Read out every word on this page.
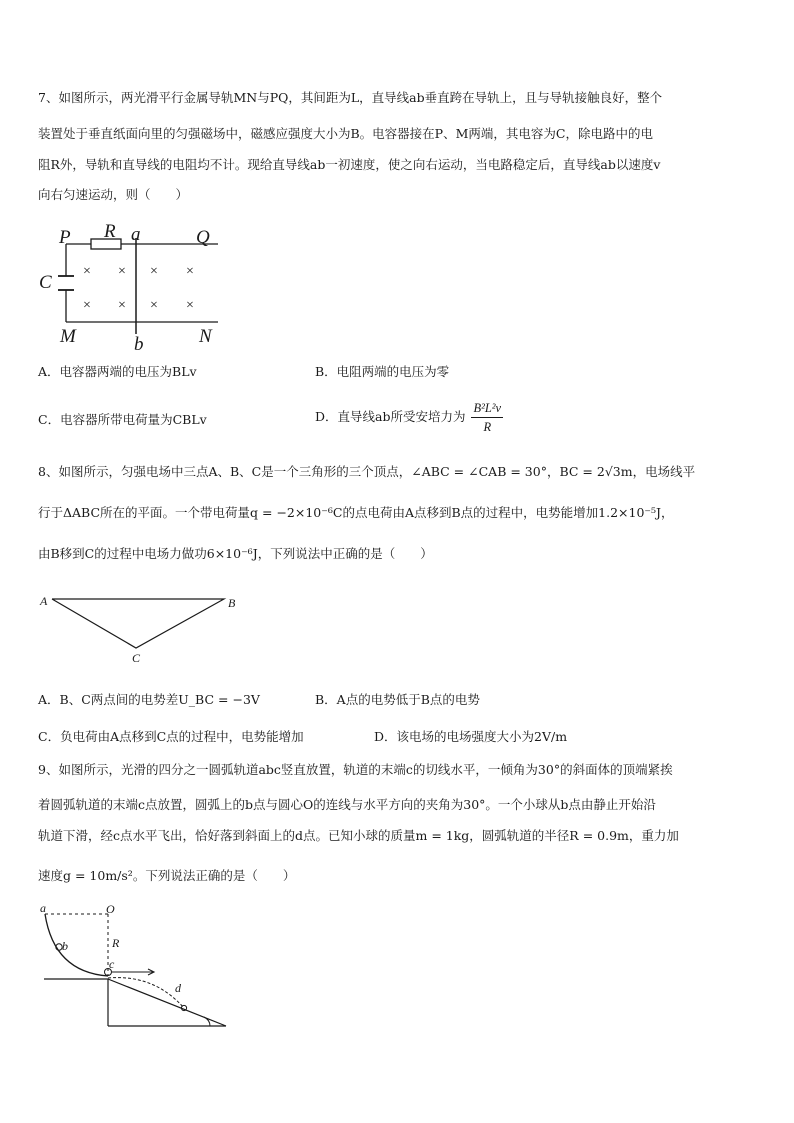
7、如图所示，两光滑平行金属导轨MN与PQ，其间距为L，直导线ab垂直跨在导轨上，且与导轨接触良好，整个
装置处于垂直纸面向里的匀强磁场中，磁感应强度大小为B。电容器接在P、M两端，其电容为C，除电路中的电
阻R外，导轨和直导线的电阻均不计。现给直导线ab一初速度，使之向右运动，当电路稳定后，直导线ab以速度v
向右匀速运动，则（　　）
P R a	Q
C
M	b	N
× × × ×
× × × ×
A．电容器两端的电压为BLv	B．电阻两端的电压为零
C．电容器所带电荷量为CBLv	D．直导线ab所受安培力为 $\frac{\text{B²L²v}}{R}$
8、如图所示，匀强电场中三点A、B、C是一个三角形的三个顶点，∠ABC = ∠CAB = 30°，BC = 2√3m，电场线平
行于ΔABC所在的平面。一个带电荷量q = −2×10⁻⁶C的点电荷由A点移到B点的过程中，电势能增加1.2×10⁻⁵J，
由B移到C的过程中电场力做功6×10⁻⁶J，下列说法中正确的是（　　）
A	B
C
A．B、C两点间的电势差U_BC = −3V	B．A点的电势低于B点的电势
C．负电荷由A点移到C点的过程中，电势能增加	D．该电场的电场强度大小为2V/m
9、如图所示，光滑的四分之一圆弧轨道abc竖直放置，轨道的末端c的切线水平，一倾角为30°的斜面体的顶端紧挨
着圆弧轨道的末端c点放置，圆弧上的b点与圆心O的连线与水平方向的夹角为30°。一个小球从b点由静止开始沿
轨道下滑，经c点水平飞出，恰好落到斜面上的d点。已知小球的质量m = 1kg，圆弧轨道的半径R = 0.9m，重力加
速度g = 10m/s²。下列说法正确的是（　　）
a	O
b	R
c
d
